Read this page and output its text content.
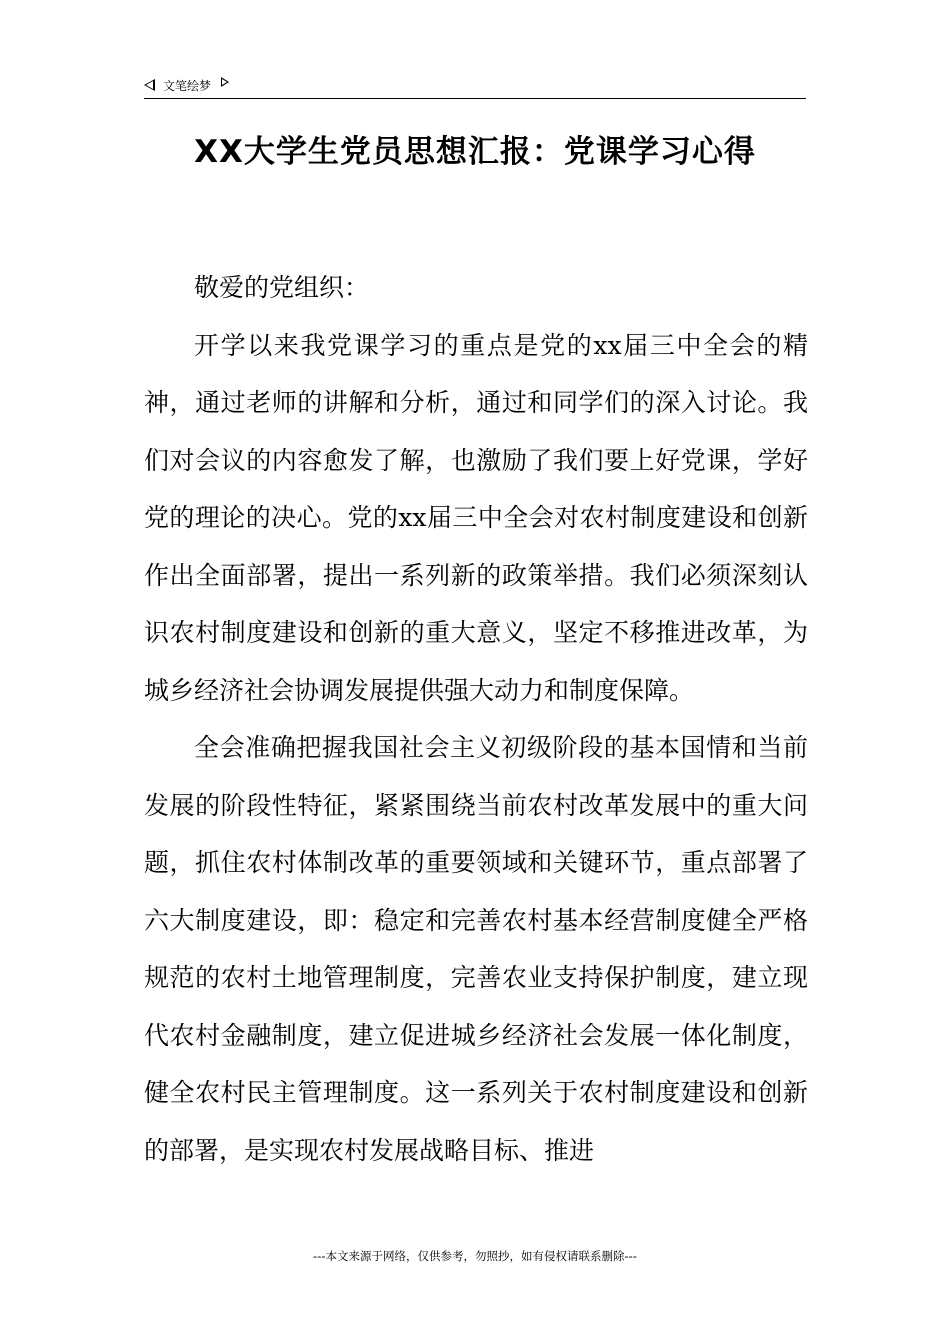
文笔绘梦
XX大学生党员思想汇报：党课学习心得

敬爱的党组织：

开学以来我党课学习的重点是党的xx届三中全会的精神，通过老师的讲解和分析，通过和同学们的深入讨论。我们对会议的内容愈发了解，也激励了我们要上好党课，学好党的理论的决心。党的xx届三中全会对农村制度建设和创新作出全面部署，提出一系列新的政策举措。我们必须深刻认识农村制度建设和创新的重大意义，坚定不移推进改革，为城乡经济社会协调发展提供强大动力和制度保障。

全会准确把握我国社会主义初级阶段的基本国情和当前发展的阶段性特征，紧紧围绕当前农村改革发展中的重大问题，抓住农村体制改革的重要领域和关键环节，重点部署了六大制度建设，即：稳定和完善农村基本经营制度健全严格规范的农村土地管理制度，完善农业支持保护制度，建立现代农村金融制度，建立促进城乡经济社会发展一体化制度，健全农村民主管理制度。这一系列关于农村制度建设和创新的部署，是实现农村发展战略目标、推进

---本文来源于网络，仅供参考，勿照抄，如有侵权请联系删除---
